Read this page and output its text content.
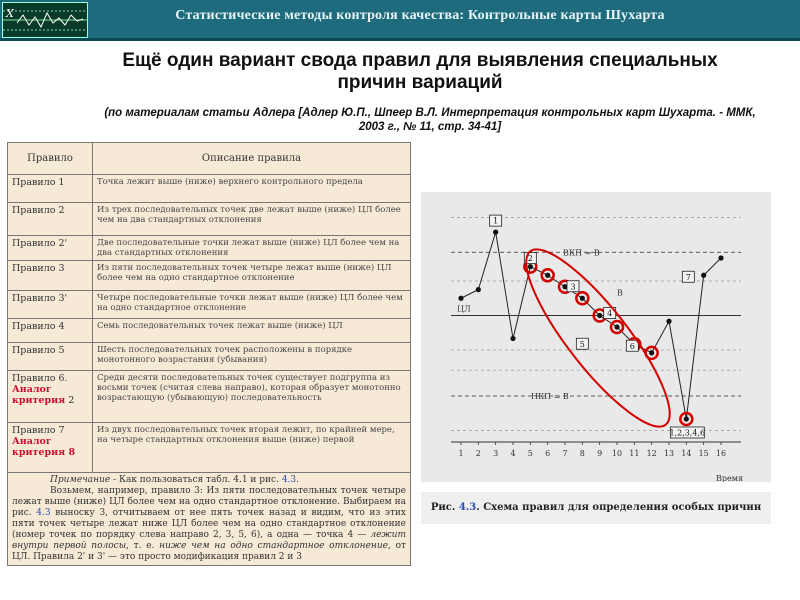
X	Статистические методы контроля качества: Контрольные карты Шухарта
Ещё один вариант свода правил для выявления специальных причин вариаций
(по материалам статьи Адлера [Адлер Ю.П., Шпеер В.Л. Интерпретация контрольных карт Шухарта. - ММК, 2003 г., № 11, стр. 34-41]
Правило	Описание правила
Правило 1	Точка лежит выше (ниже) верхнего контрольного предела
Правило 2	Из трех последовательных точек две лежат выше (ниже) ЦЛ более чем на два стандартных отклонения
Правило 2'	Две последовательные точки лежат выше (ниже) ЦЛ более чем на два стандартных отклонения
Правило 3	Из пяти последовательных точек четыре лежат выше (ниже) ЦЛ более чем на одно стандартное отклонение
Правило 3'	Четыре последовательные точки лежат выше (ниже) ЦЛ более чем на одно стандартное отклонение
Правило 4	Семь последовательных точек лежат выше (ниже) ЦЛ
Правило 5	Шесть последовательных точек расположены в порядке монотонного возрастания (убывания)
Правило 6.
Аналог критерия 2	Среди десяти последовательных точек существует подгруппа из восьми точек (считая слева направо), которая образует монотонно возрастающую (убывающую) последовательность
Правило 7
Аналог критерия 8	Из двух последовательных точек вторая лежит, по крайней мере, на четыре стандартных отклонения выше (ниже) первой

Примечание - Как пользоваться табл. 4.1 и рис. 4.3.
Возьмем, например, правило 3: Из пяти последовательных точек четыре лежат выше (ниже) ЦЛ более чем на одно стандартное отклонение. Выбираем на рис. 4.3 выноску 3, отчитываем от нее пять точек назад и видим, что из этих пяти точек четыре лежат ниже ЦЛ более чем на одно стандартное отклонение (номер точек по порядку слева направо 2, 3, 5, 6), а одна — точка 4 — лежит внутри первой полосы, т. е. ниже чем на одно стандартное отклонение, от ЦЛ. Правила 2' и 3' — это просто модификация правил 2 и 3	
ВКП = В
ЦЛ
НКП = В
В
1 2 3 4 5 6 7 8 9 10 11 12 13 14 15 16
1
2
3
4
5	6
7
1,2,3,4,6
Время
Рис. 4.3. Схема правил для определения особых причин
